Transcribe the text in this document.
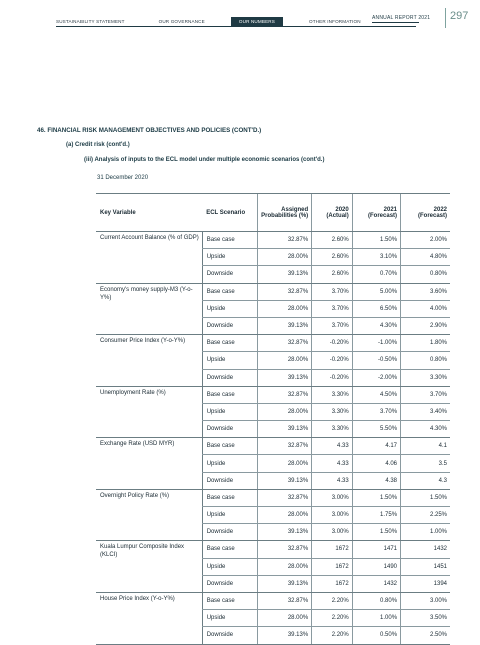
SUSTAINABILITY STATEMENT	OUR GOVERNANCE	OUR NUMBERS	OTHER INFORMATION ANNUAL REPORT 2021 297
46. FINANCIAL RISK MANAGEMENT OBJECTIVES AND POLICIES (CONT'D.)
(a) Credit risk (cont'd.)
(iii) Analysis of inputs to the ECL model under multiple economic scenarios (cont'd.)
31 December 2020
Key Variable	ECL Scenario	Assigned Probabilities (%)	2020 (Actual)	2021 (Forecast)	2022 (Forecast)
Current Account Balance (% of GDP)	Base case	32.87%	2.60%	1.50%	2.00%
	Upside	28.00%	2.60%	3.10%	4.80%
	Downside	39.13%	2.60%	0.70%	0.80%
Economy's money supply-M3 (Y-o-Y%)	Base case	32.87%	3.70%	5.00%	3.60%
	Upside	28.00%	3.70%	6.50%	4.00%
	Downside	39.13%	3.70%	4.30%	2.90%
Consumer Price Index (Y-o-Y%)	Base case	32.87%	-0.20%	-1.00%	1.80%
	Upside	28.00%	-0.20%	-0.50%	0.80%
	Downside	39.13%	-0.20%	-2.00%	3.30%
Unemployment Rate (%)	Base case	32.87%	3.30%	4.50%	3.70%
	Upside	28.00%	3.30%	3.70%	3.40%
	Downside	39.13%	3.30%	5.50%	4.30%
Exchange Rate (USD MYR)	Base case	32.87%	4.33	4.17	4.1
	Upside	28.00%	4.33	4.06	3.5
	Downside	39.13%	4.33	4.38	4.3
Overnight Policy Rate (%)	Base case	32.87%	3.00%	1.50%	1.50%
	Upside	28.00%	3.00%	1.75%	2.25%
	Downside	39.13%	3.00%	1.50%	1.00%
Kuala Lumpur Composite Index (KLCI)	Base case	32.87%	1672	1471	1432
	Upside	28.00%	1672	1490	1451
	Downside	39.13%	1672	1432	1394
House Price Index (Y-o-Y%)	Base case	32.87%	2.20%	0.80%	3.00%
	Upside	28.00%	2.20%	1.00%	3.50%
	Downside	39.13%	2.20%	0.50%	2.50%
